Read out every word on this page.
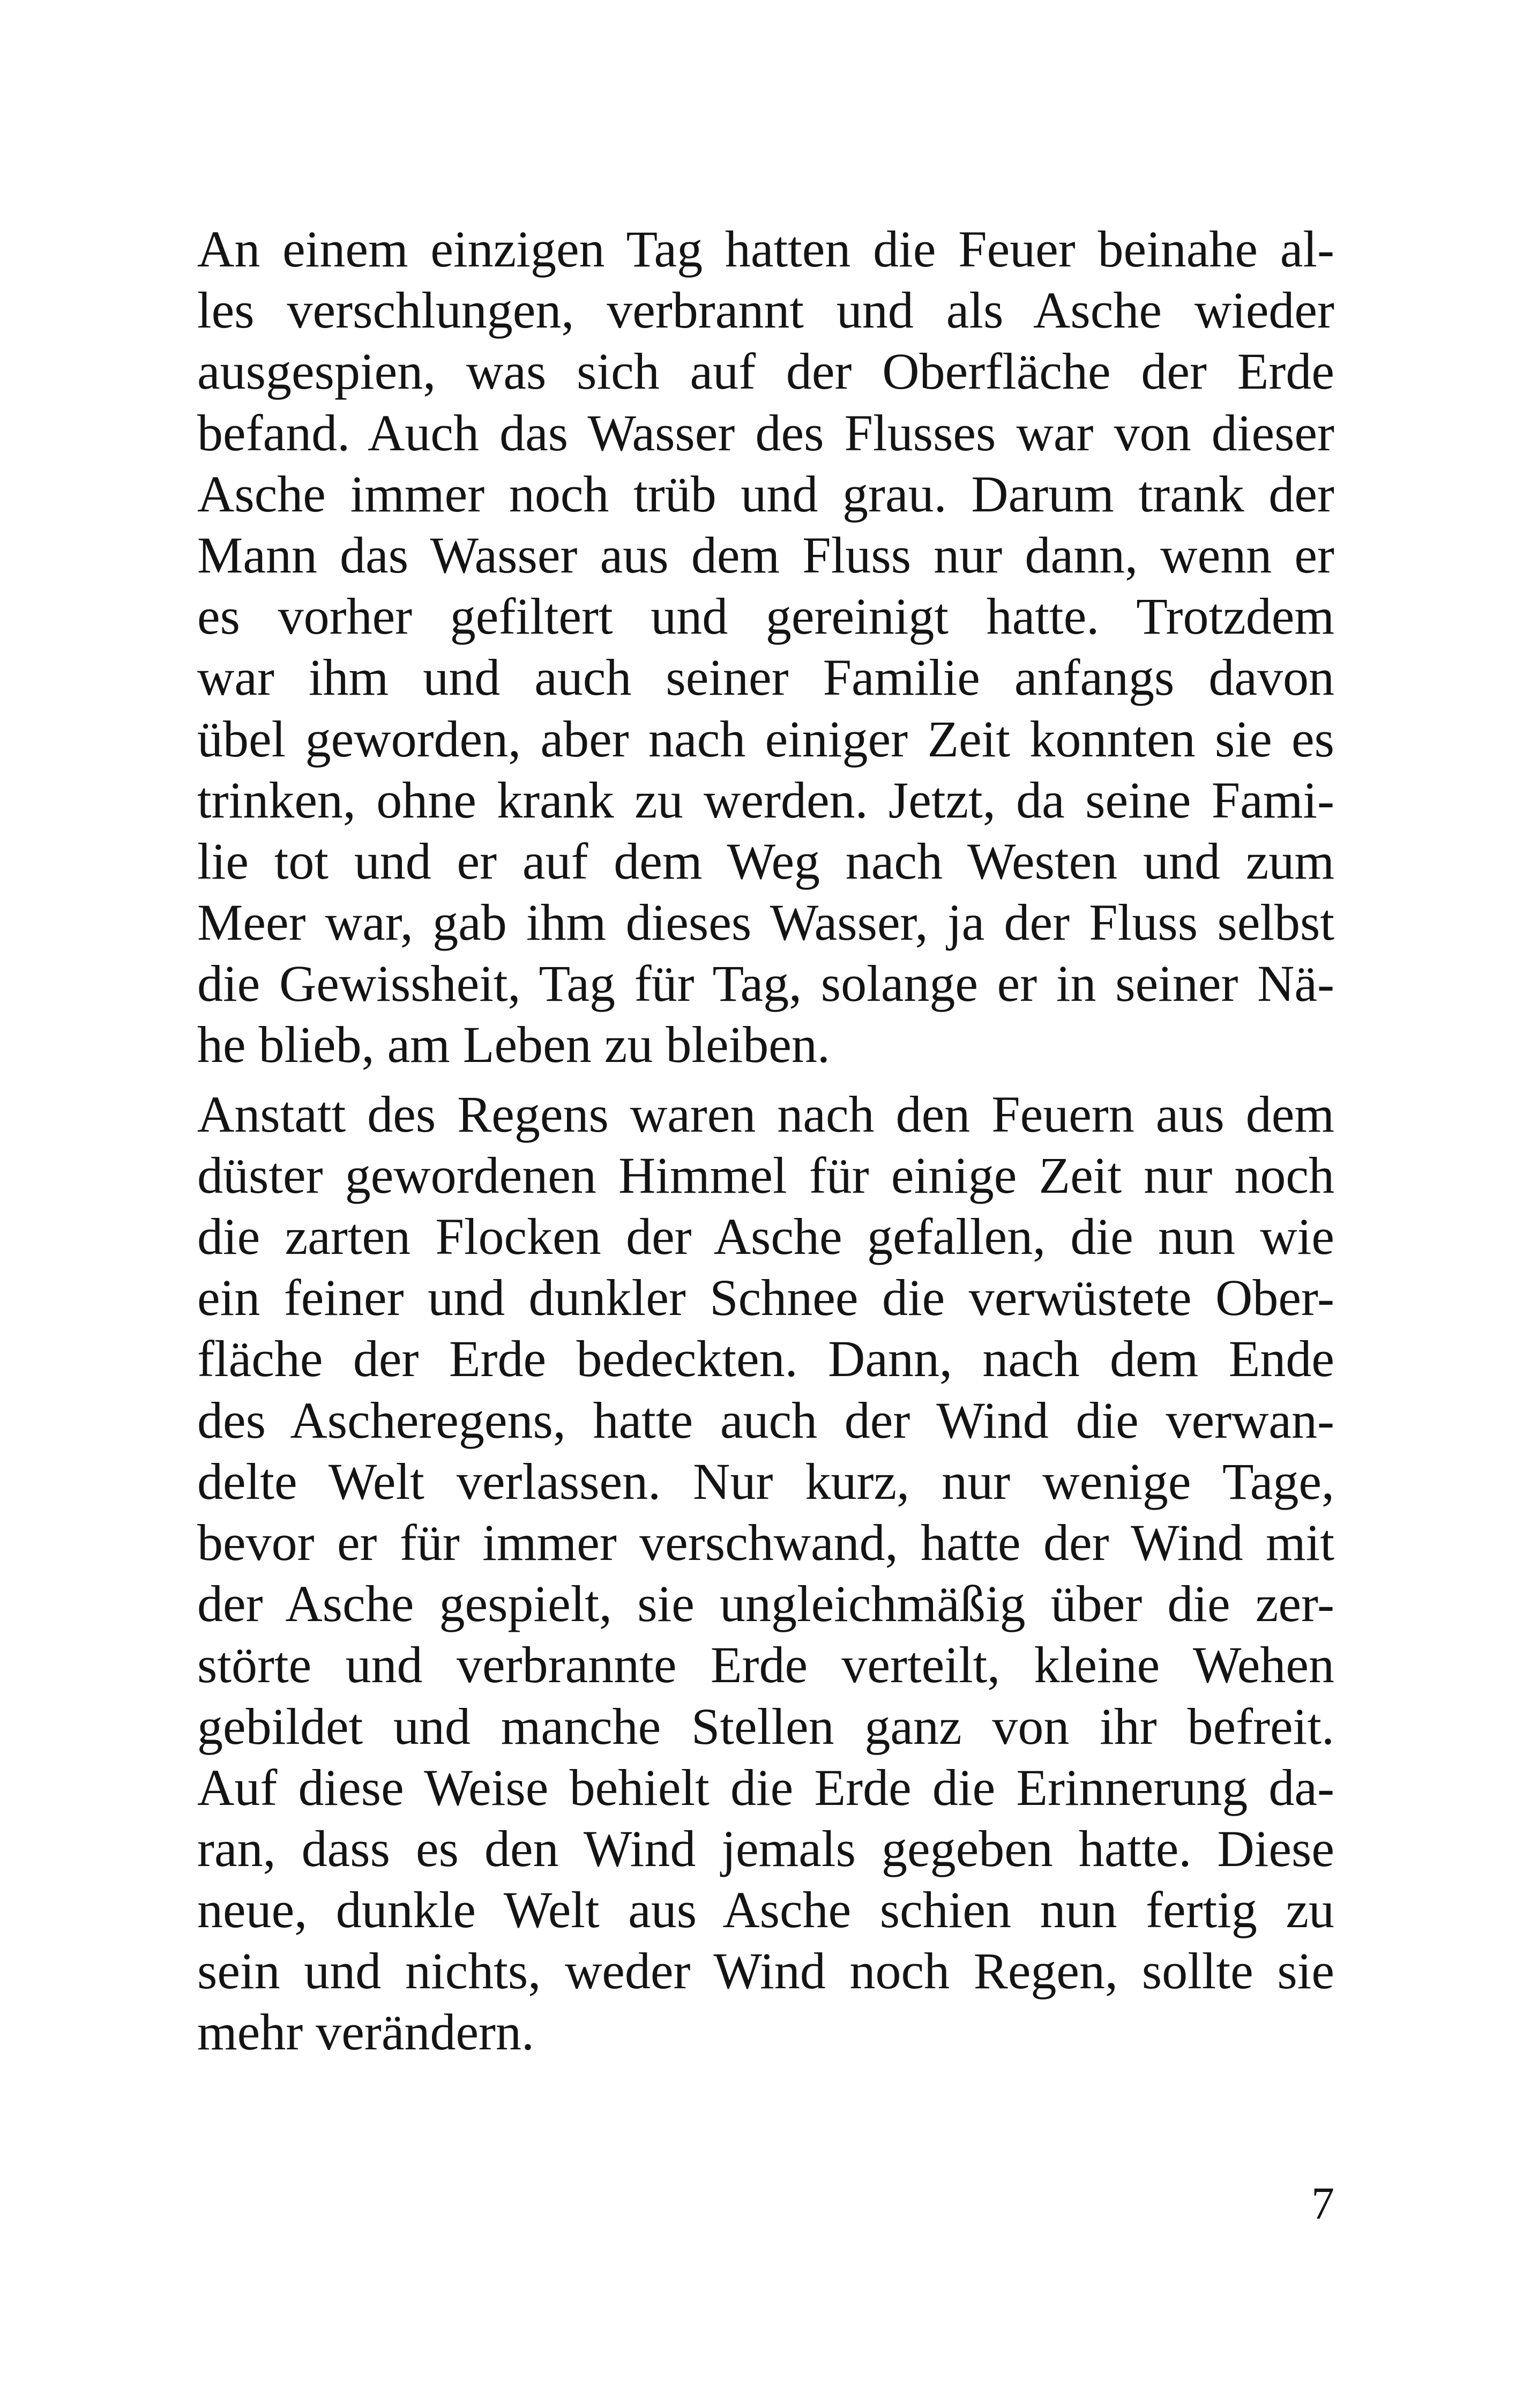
An einem einzigen Tag hatten die Feuer beinahe al-
les verschlungen, verbrannt und als Asche wieder
ausgespien, was sich auf der Oberfläche der Erde
befand. Auch das Wasser des Flusses war von dieser
Asche immer noch trüb und grau. Darum trank der
Mann das Wasser aus dem Fluss nur dann, wenn er
es vorher gefiltert und gereinigt hatte. Trotzdem
war ihm und auch seiner Familie anfangs davon
übel geworden, aber nach einiger Zeit konnten sie es
trinken, ohne krank zu werden. Jetzt, da seine Fami-
lie tot und er auf dem Weg nach Westen und zum
Meer war, gab ihm dieses Wasser, ja der Fluss selbst
die Gewissheit, Tag für Tag, solange er in seiner Nä-
he blieb, am Leben zu bleiben.
Anstatt des Regens waren nach den Feuern aus dem
düster gewordenen Himmel für einige Zeit nur noch
die zarten Flocken der Asche gefallen, die nun wie
ein feiner und dunkler Schnee die verwüstete Ober-
fläche der Erde bedeckten. Dann, nach dem Ende
des Ascheregens, hatte auch der Wind die verwan-
delte Welt verlassen. Nur kurz, nur wenige Tage,
bevor er für immer verschwand, hatte der Wind mit
der Asche gespielt, sie ungleichmäßig über die zer-
störte und verbrannte Erde verteilt, kleine Wehen
gebildet und manche Stellen ganz von ihr befreit.
Auf diese Weise behielt die Erde die Erinnerung da-
ran, dass es den Wind jemals gegeben hatte. Diese
neue, dunkle Welt aus Asche schien nun fertig zu
sein und nichts, weder Wind noch Regen, sollte sie
mehr verändern.
7
